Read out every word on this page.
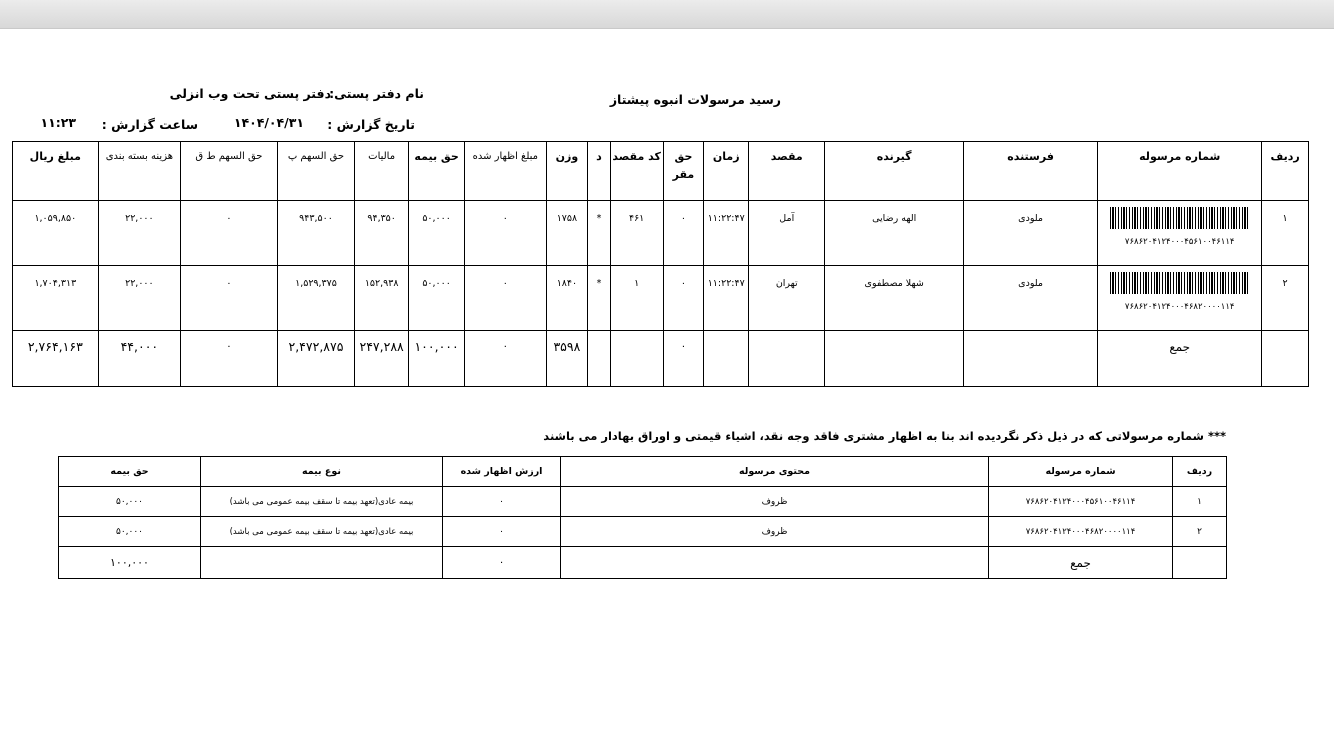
رسید مرسولات انبوه پیشتاز
نام دفتر پستی:
دفتر پستی تحت وب انزلی
تاریخ گزارش :
۱۴۰۴/۰۴/۳۱
ساعت گزارش :
۱۱:۲۳
ردیف	شماره مرسوله	فرستنده	گیرنده	مقصد	زمان	حق مقر	کد مقصد	د	وزن	مبلغ اظهار شده	حق بیمه	مالیات	حق السهم پ	حق السهم ط ق	هزینه بسته بندی	مبلغ ریال
۱	۷۶۸۶۲۰۴۱۲۴۰۰۰۴۵۶۱۰۰۴۶۱۱۴	ملودی	الهه رضایی	آمل	۱۱:۲۲:۴۷	۰	۴۶۱	*	۱۷۵۸	۰	۵۰,۰۰۰	۹۴,۳۵۰	۹۴۳,۵۰۰	۰	۲۲,۰۰۰	۱,۰۵۹,۸۵۰
۲	۷۶۸۶۲۰۴۱۲۴۰۰۰۴۶۸۲۰۰۰۰۱۱۴	ملودی	شهلا مصطفوی	تهران	۱۱:۲۲:۴۷	۰	۱	*	۱۸۴۰	۰	۵۰,۰۰۰	۱۵۲,۹۳۸	۱,۵۲۹,۳۷۵	۰	۲۲,۰۰۰	۱,۷۰۴,۳۱۳
	جمع					۰			۳۵۹۸	۰	۱۰۰,۰۰۰	۲۴۷,۲۸۸	۲,۴۷۲,۸۷۵	۰	۴۴,۰۰۰	۲,۷۶۴,۱۶۳
*** شماره مرسولاتی که در ذیل ذکر نگردیده اند بنا به اظهار مشتری فاقد وجه نقد، اشیاء قیمتی و اوراق بهادار می باشند
ردیف	شماره مرسوله	محتوی مرسوله	ارزش اظهار شده	نوع بیمه	حق بیمه
۱	۷۶۸۶۲۰۴۱۲۴۰۰۰۴۵۶۱۰۰۴۶۱۱۴	ظروف	۰	بیمه عادی(تعهد بیمه تا سقف بیمه عمومی می باشد)	۵۰,۰۰۰
۲	۷۶۸۶۲۰۴۱۲۴۰۰۰۴۶۸۲۰۰۰۰۱۱۴	ظروف	۰	بیمه عادی(تعهد بیمه تا سقف بیمه عمومی می باشد)	۵۰,۰۰۰
	جمع		۰		۱۰۰,۰۰۰
